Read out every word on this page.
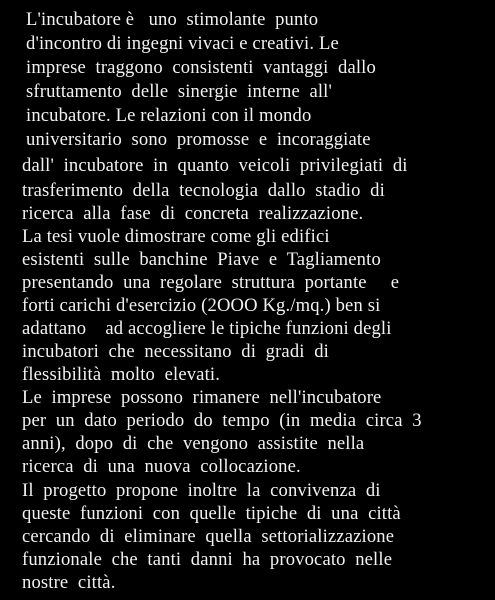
L'incubatore è   uno  stimolante  punto
d'incontro di ingegni vivaci e creativi. Le
imprese  traggono  consistenti  vantaggi  dallo
sfruttamento  delle  sinergie  interne  all'
incubatore. Le relazioni con il mondo
universitario  sono  promosse  e  incoraggiate
dall'  incubatore  in  quanto  veicoli  privilegiati  di
trasferimento  della  tecnologia  dallo  stadio  di
ricerca  alla  fase  di  concreta  realizzazione.
La tesi vuole dimostrare come gli edifici
esistenti  sulle  banchine  Piave  e  Tagliamento
presentando  una  regolare  struttura  portante     e
forti carichi d'esercizio (2OOO Kg./mq.) ben si
adattano    ad accogliere le tipiche funzioni degli
incubatori  che  necessitano  di  gradi  di
flessibilità  molto  elevati.
Le  imprese  possono  rimanere  nell'incubatore
per  un  dato  periodo  do  tempo  (in  media  circa  3
anni),  dopo  di  che  vengono  assistite  nella
ricerca  di  una  nuova  collocazione.
Il  progetto  propone  inoltre  la  convivenza  di
queste  funzioni  con  quelle  tipiche  di  una  città
cercando  di  eliminare  quella  settorializzazione
funzionale  che  tanti  danni  ha  provocato  nelle
nostre  città.
